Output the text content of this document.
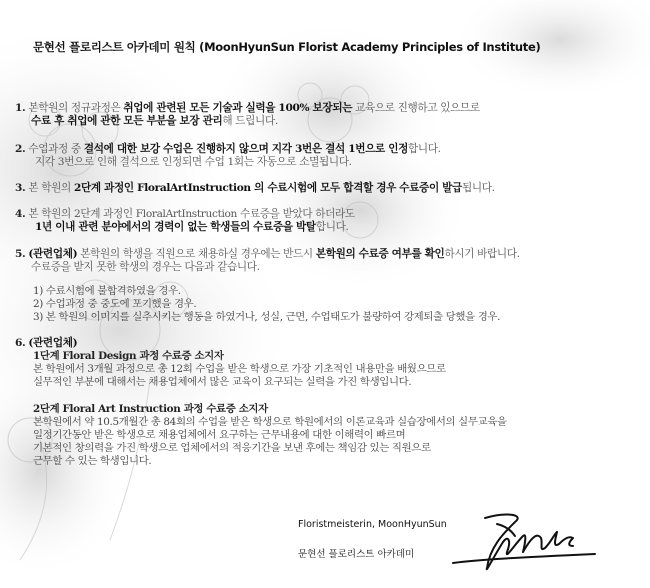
문현선 플로리스트 아카데미 원칙 (MoonHyunSun Florist Academy Principles of Institute)
1. 본학원의 정규과정은 취업에 관련된 모든 기술과 실력을 100% 보장되는 교육으로 진행하고 있으므로
수료 후 취업에 관한 모든 부분을 보장 관리해 드립니다.
2. 수업과정 중 결석에 대한 보강 수업은 진행하지 않으며 지각 3번은 결석 1번으로 인정합니다.
지각 3번으로 인해 결석으로 인정되면 수업 1회는 자동으로 소멸됩니다.
3. 본 학원의 2단계 과정인 FloralArtInstruction 의 수료시험에 모두 합격할 경우 수료증이 발급됩니다.
4. 본 학원의 2단계 과정인 FloralArtInstruction 수료증을 받았다 하더라도
1년 이내 관련 분야에서의 경력이 없는 학생들의 수료증을 박탈합니다.
5. (관련업체) 본학원의 학생을 직원으로 채용하실 경우에는 반드시 본학원의 수료증 여부를 확인하시기 바랍니다.
수료증을 받지 못한 학생의 경우는 다음과 같습니다.
1) 수료시험에 불합격하였을 경우.
2) 수업과정 중 중도에 포기했을 경우.
3) 본 학원의 이미지를 실추시키는 행동을 하였거나, 성실, 근면, 수업태도가 불량하여 강제퇴출 당했을 경우.
6. (관련업체)
1단계 Floral Design 과정 수료증 소지자
본 학원에서 3개월 과정으로 총 12회 수업을 받은 학생으로 가장 기초적인 내용만을 배웠으므로
실무적인 부분에 대해서는 채용업체에서 많은 교육이 요구되는 실력을 가진 학생입니다.
2단계 Floral Art Instruction 과정 수료증 소지자
본학원에서 약 10.5개월간 총 84회의 수업을 받은 학생으로 학원에서의 이론교육과 실습장에서의 실무교육을
일정기간동안 받은 학생으로 채용업체에서 요구하는 근무내용에 대한 이해력이 빠르며
기본적인 창의력을 가진 학생으로 업체에서의 적응기간을 보낸 후에는 책임감 있는 직원으로
근무할 수 있는 학생입니다.
Floristmeisterin, MoonHyunSun
문현선 플로리스트 아카데미
